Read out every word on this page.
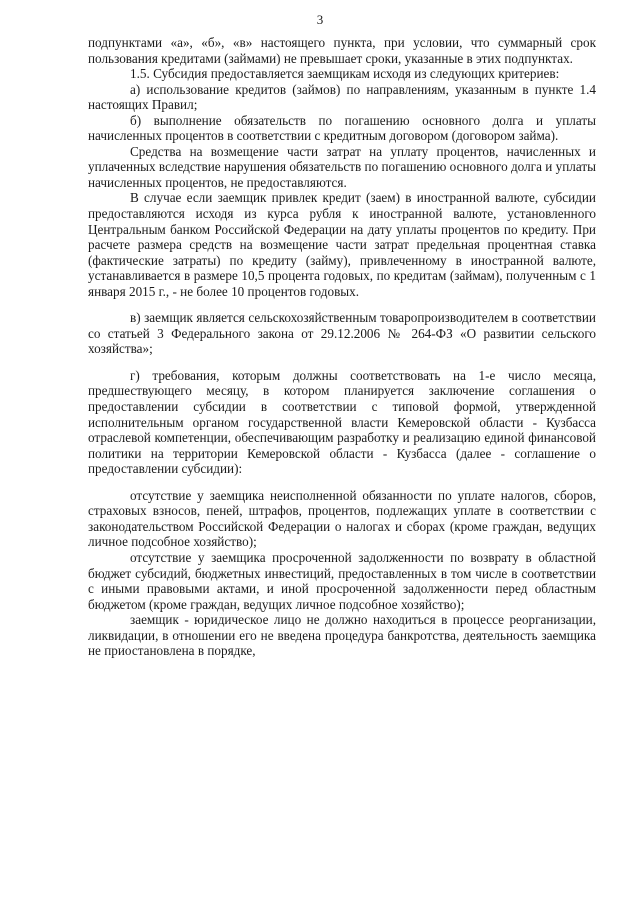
3

подпунктами «а», «б», «в» настоящего пункта, при условии, что суммарный срок пользования кредитами (займами) не превышает сроки, указанные в этих подпунктах.

1.5. Субсидия предоставляется заемщикам исходя из следующих критериев:

а) использование кредитов (займов) по направлениям, указанным в пункте 1.4 настоящих Правил;

б) выполнение обязательств по погашению основного долга и уплаты начисленных процентов в соответствии с кредитным договором (договором займа).

Средства на возмещение части затрат на уплату процентов, начисленных и уплаченных вследствие нарушения обязательств по погашению основного долга и уплаты начисленных процентов, не предоставляются.

В случае если заемщик привлек кредит (заем) в иностранной валюте, субсидии предоставляются исходя из курса рубля к иностранной валюте, установленного Центральным банком Российской Федерации на дату уплаты процентов по кредиту. При расчете размера средств на возмещение части затрат предельная процентная ставка (фактические затраты) по кредиту (займу), привлеченному в иностранной валюте, устанавливается в размере 10,5 процента годовых, по кредитам (займам), полученным с 1 января 2015 г., - не более 10 процентов годовых.

в) заемщик является сельскохозяйственным товаропроизводителем в соответствии со статьей 3 Федерального закона от 29.12.2006 № 264-ФЗ «О развитии сельского хозяйства»;

г) требования, которым должны соответствовать на 1-е число месяца, предшествующего месяцу, в котором планируется заключение соглашения о предоставлении субсидии в соответствии с типовой формой, утвержденной исполнительным органом государственной власти Кемеровской области - Кузбасса отраслевой компетенции, обеспечивающим разработку и реализацию единой финансовой политики на территории Кемеровской области - Кузбасса (далее - соглашение о предоставлении субсидии):

отсутствие у заемщика неисполненной обязанности по уплате налогов, сборов, страховых взносов, пеней, штрафов, процентов, подлежащих уплате в соответствии с законодательством Российской Федерации о налогах и сборах (кроме граждан, ведущих личное подсобное хозяйство);

отсутствие у заемщика просроченной задолженности по возврату в областной бюджет субсидий, бюджетных инвестиций, предоставленных в том числе в соответствии с иными правовыми актами, и иной просроченной задолженности перед областным бюджетом (кроме граждан, ведущих личное подсобное хозяйство);

заемщик - юридическое лицо не должно находиться в процессе реорганизации, ликвидации, в отношении его не введена процедура банкротства, деятельность заемщика не приостановлена в порядке,
